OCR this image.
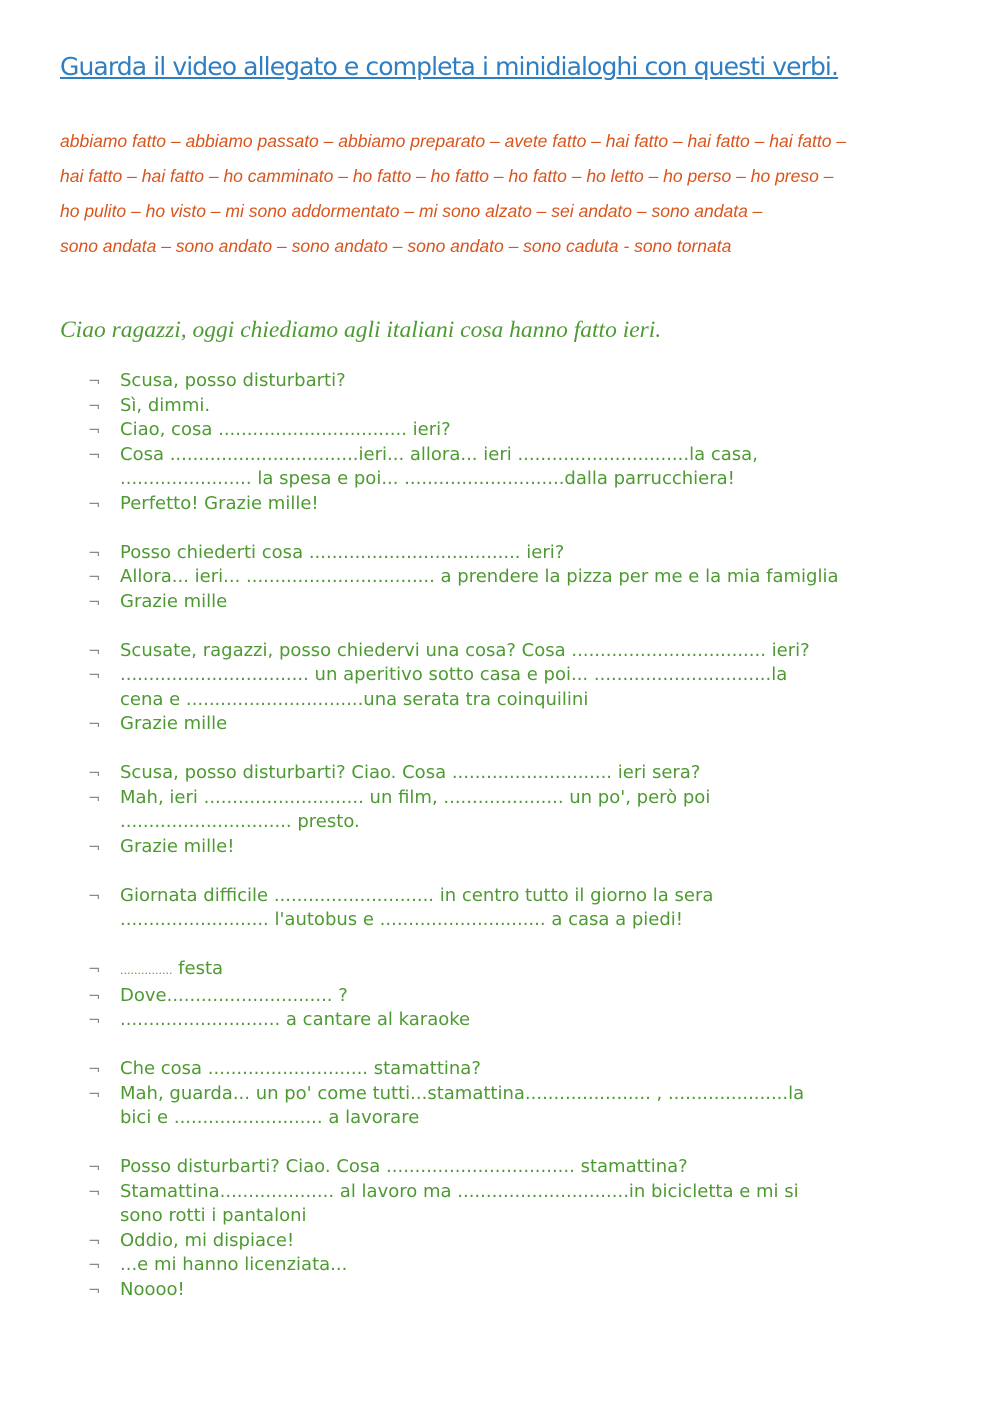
Guarda il video allegato e completa i minidialoghi con questi verbi.
abbiamo fatto – abbiamo passato – abbiamo preparato – avete fatto – hai fatto – hai fatto – hai fatto –
hai fatto – hai fatto – ho camminato – ho fatto – ho fatto – ho fatto – ho letto – ho perso – ho preso –
ho pulito – ho visto – mi sono addormentato – mi sono alzato – sei andato – sono andata –
sono andata – sono andato – sono andato – sono andato – sono caduta - sono tornata
Ciao ragazzi, oggi chiediamo agli italiani cosa hanno fatto ieri.
¬ Scusa, posso disturbarti?
¬ Sì, dimmi.
¬ Ciao, cosa ................................. ieri?
¬ Cosa .................................ieri... allora... ieri ..............................la casa,
....................... la spesa e poi... ............................dalla parrucchiera!
¬ Perfetto! Grazie mille!
¬ Posso chiederti cosa ..................................... ieri?
¬ Allora... ieri... ................................. a prendere la pizza per me e la mia famiglia
¬ Grazie mille
¬ Scusate, ragazzi, posso chiedervi una cosa? Cosa .................................. ieri?
¬ ................................. un aperitivo sotto casa e poi... ...............................la
cena e ...............................una serata tra coinquilini
¬ Grazie mille
¬ Scusa, posso disturbarti? Ciao. Cosa ............................ ieri sera?
¬ Mah, ieri ............................ un film, ..................... un po', però poi
.............................. presto.
¬ Grazie mille!
¬ Giornata difficile ............................ in centro tutto il giorno la sera
.......................... l'autobus e ............................. a casa a piedi!
¬ ............... festa
¬ Dove............................. ?
¬ ............................ a cantare al karaoke
¬ Che cosa ............................ stamattina?
¬ Mah, guarda... un po' come tutti...stamattina...................... , .....................la
bici e .......................... a lavorare
¬ Posso disturbarti? Ciao. Cosa ................................. stamattina?
¬ Stamattina.................... al lavoro ma ..............................in bicicletta e mi si
sono rotti i pantaloni
¬ Oddio, mi dispiace!
¬ ...e mi hanno licenziata...
¬ Noooo!
